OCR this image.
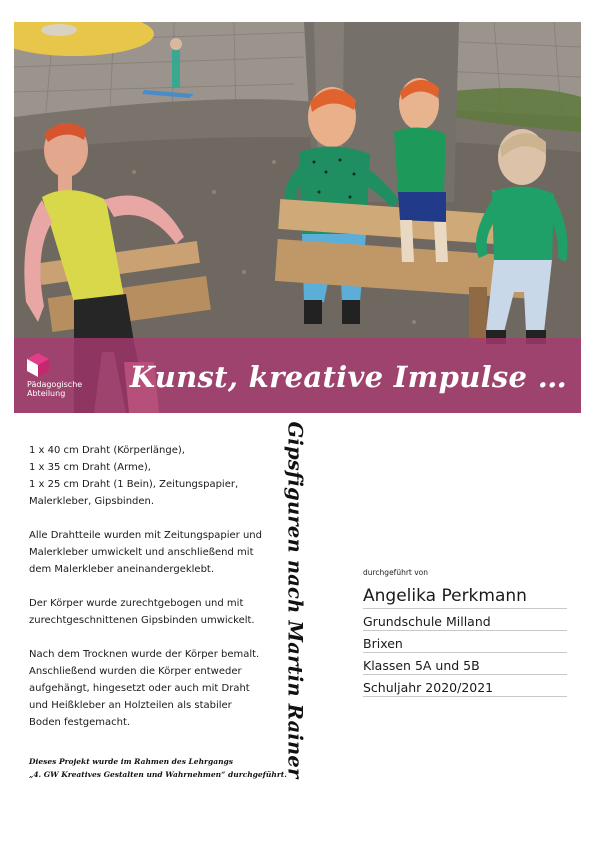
Pädagogische
Abteilung Kunst, kreative Impulse …

1 x 40 cm Draht (Körperlänge),
1 x 35 cm Draht (Arme),
1 x 25 cm Draht (1 Bein), Zeitungspapier,
Malerkleber, Gipsbinden.

Alle Drahtteile wurden mit Zeitungspapier und
Malerkleber umwickelt und anschließend mit
dem Malerkleber aneinandergeklebt.

Der Körper wurde zurechtgebogen und mit
zurechtgeschnittenen Gipsbinden umwickelt.

Nach dem Trocknen wurde der Körper bemalt.
Anschließend wurden die Körper entweder
aufgehängt, hingesetzt oder auch mit Draht
und Heißkleber an Holzteilen als stabiler
Boden festgemacht.

Dieses Projekt wurde im Rahmen des Lehrgangs
„4. GW Kreatives Gestalten und Wahrnehmen“ durchgeführt.
Gipsfiguren nach Martin Rainer	durchgeführt von
Angelika Perkmann
Grundschule Milland
Brixen
Klassen 5A und 5B
Schuljahr 2020/2021
